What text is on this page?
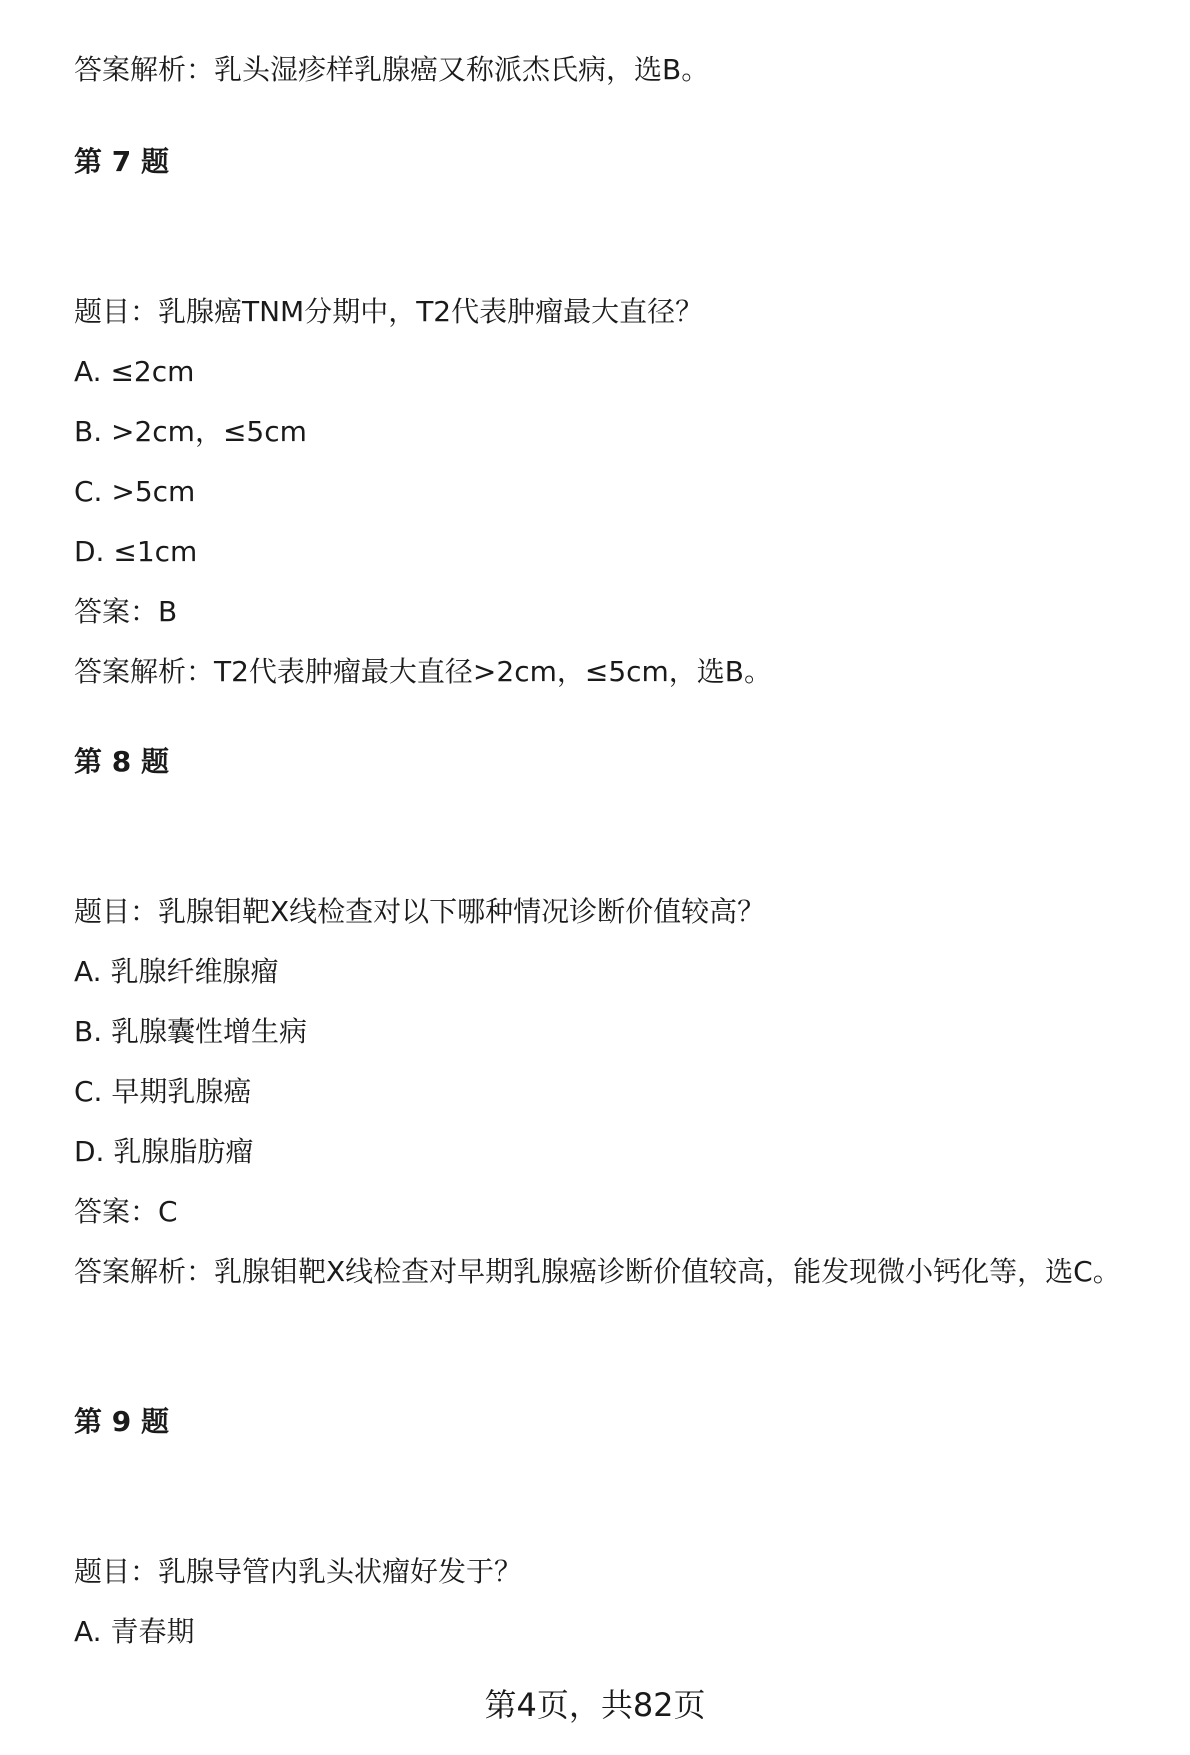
答案解析：乳头湿疹样乳腺癌又称派杰氏病，选B。
第 7 题
题目：乳腺癌TNM分期中，T2代表肿瘤最大直径？
A. ≤2cm
B. >2cm，≤5cm
C. >5cm
D. ≤1cm
答案：B
答案解析：T2代表肿瘤最大直径>2cm，≤5cm，选B。
第 8 题
题目：乳腺钼靶X线检查对以下哪种情况诊断价值较高？
A. 乳腺纤维腺瘤
B. 乳腺囊性增生病
C. 早期乳腺癌
D. 乳腺脂肪瘤
答案：C
答案解析：乳腺钼靶X线检查对早期乳腺癌诊断价值较高，能发现微小钙化等，选C。
第 9 题
题目：乳腺导管内乳头状瘤好发于？
A. 青春期
第4页，共82页
